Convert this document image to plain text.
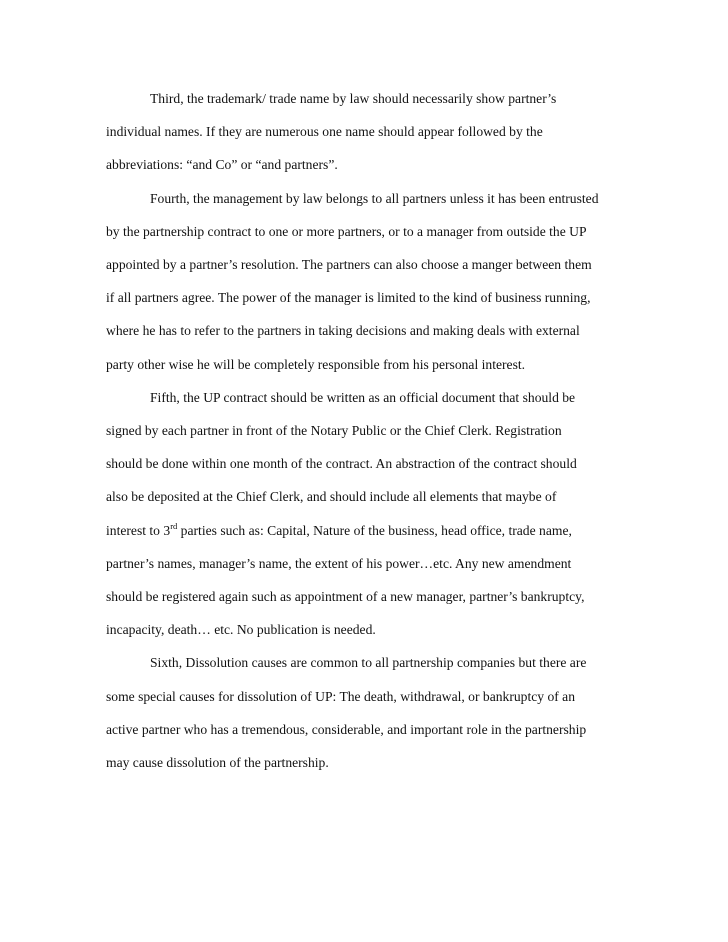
Third, the trademark/ trade name by law should necessarily show partner’s
individual names. If they are numerous one name should appear followed by the
abbreviations: “and Co” or “and partners”.

Fourth, the management by law belongs to all partners unless it has been entrusted
by the partnership contract to one or more partners, or to a manager from outside the UP
appointed by a partner’s resolution. The partners can also choose a manger between them
if all partners agree. The power of the manager is limited to the kind of business running,
where he has to refer to the partners in taking decisions and making deals with external
party other wise he will be completely responsible from his personal interest.

Fifth, the UP contract should be written as an official document that should be
signed by each partner in front of the Notary Public or the Chief Clerk. Registration
should be done within one month of the contract. An abstraction of the contract should
also be deposited at the Chief Clerk, and should include all elements that maybe of
interest to 3rd parties such as: Capital, Nature of the business, head office, trade name,
partner’s names, manager’s name, the extent of his power…etc. Any new amendment
should be registered again such as appointment of a new manager, partner’s bankruptcy,
incapacity, death… etc. No publication is needed.

Sixth, Dissolution causes are common to all partnership companies but there are
some special causes for dissolution of UP: The death, withdrawal, or bankruptcy of an
active partner who has a tremendous, considerable, and important role in the partnership
may cause dissolution of the partnership.
